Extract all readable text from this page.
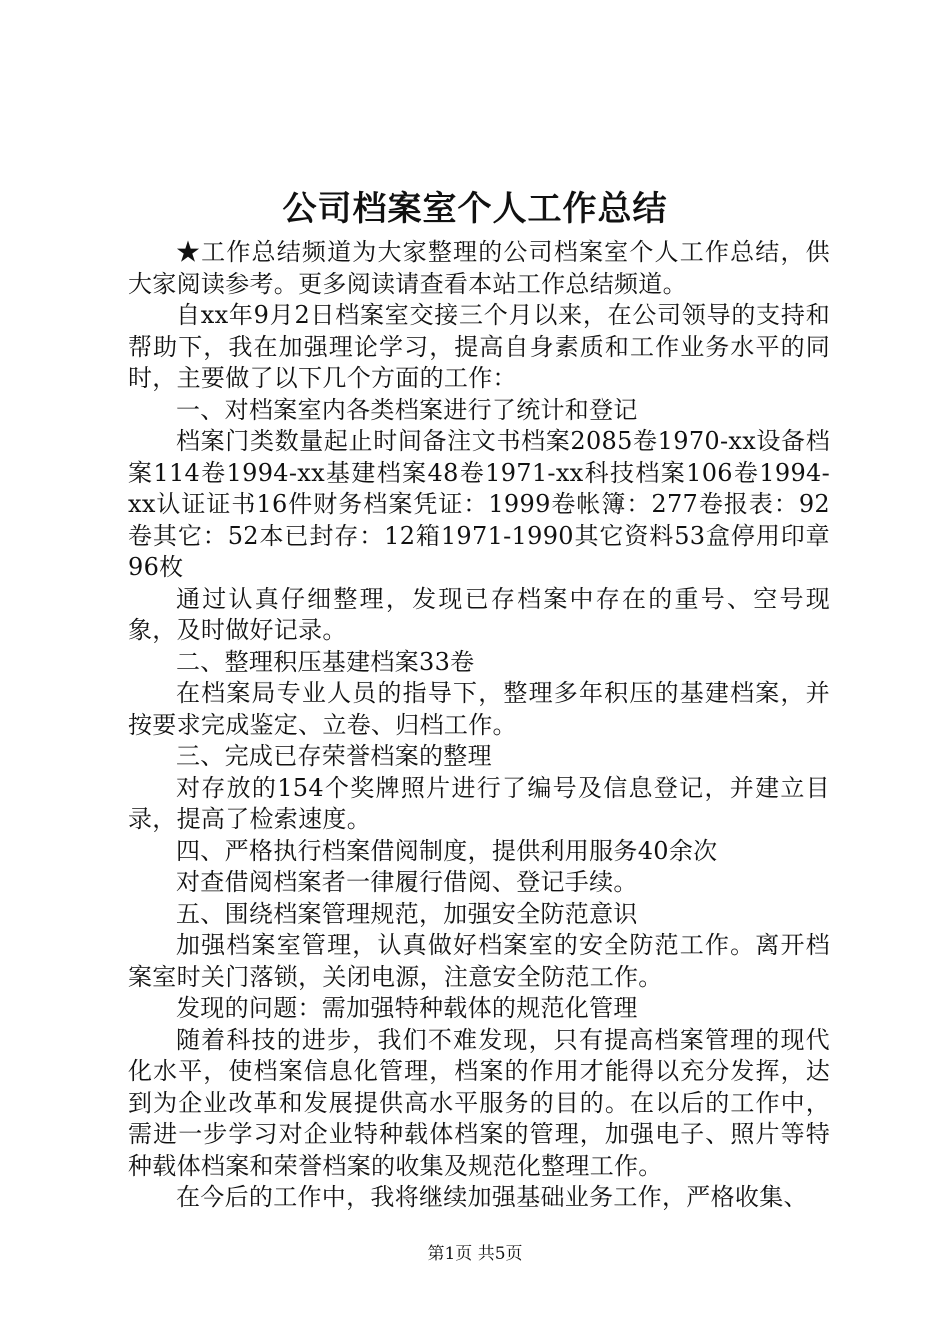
公司档案室个人工作总结

★工作总结频道为大家整理的公司档案室个人工作总结，供大家阅读参考。更多阅读请查看本站工作总结频道。

自xx年9月2日档案室交接三个月以来，在公司领导的支持和帮助下，我在加强理论学习，提高自身素质和工作业务水平的同时，主要做了以下几个方面的工作：

一、对档案室内各类档案进行了统计和登记

档案门类数量起止时间备注文书档案2085卷1970-xx设备档案114卷1994-xx基建档案48卷1971-xx科技档案106卷1994-xx认证证书16件财务档案凭证：1999卷帐簿：277卷报表：92卷其它：52本已封存：12箱1971-1990其它资料53盒停用印章96枚

通过认真仔细整理，发现已存档案中存在的重号、空号现象，及时做好记录。

二、整理积压基建档案33卷

在档案局专业人员的指导下，整理多年积压的基建档案，并按要求完成鉴定、立卷、归档工作。

三、完成已存荣誉档案的整理

对存放的154个奖牌照片进行了编号及信息登记，并建立目录，提高了检索速度。

四、严格执行档案借阅制度，提供利用服务40余次

对查借阅档案者一律履行借阅、登记手续。

五、围绕档案管理规范，加强安全防范意识

加强档案室管理，认真做好档案室的安全防范工作。离开档案室时关门落锁，关闭电源，注意安全防范工作。

发现的问题：需加强特种载体的规范化管理

随着科技的进步，我们不难发现，只有提高档案管理的现代化水平，使档案信息化管理，档案的作用才能得以充分发挥，达到为企业改革和发展提供高水平服务的目的。在以后的工作中，需进一步学习对企业特种载体档案的管理，加强电子、照片等特种载体档案和荣誉档案的收集及规范化整理工作。

在今后的工作中，我将继续加强基础业务工作，严格收集、

第1页 共5页
